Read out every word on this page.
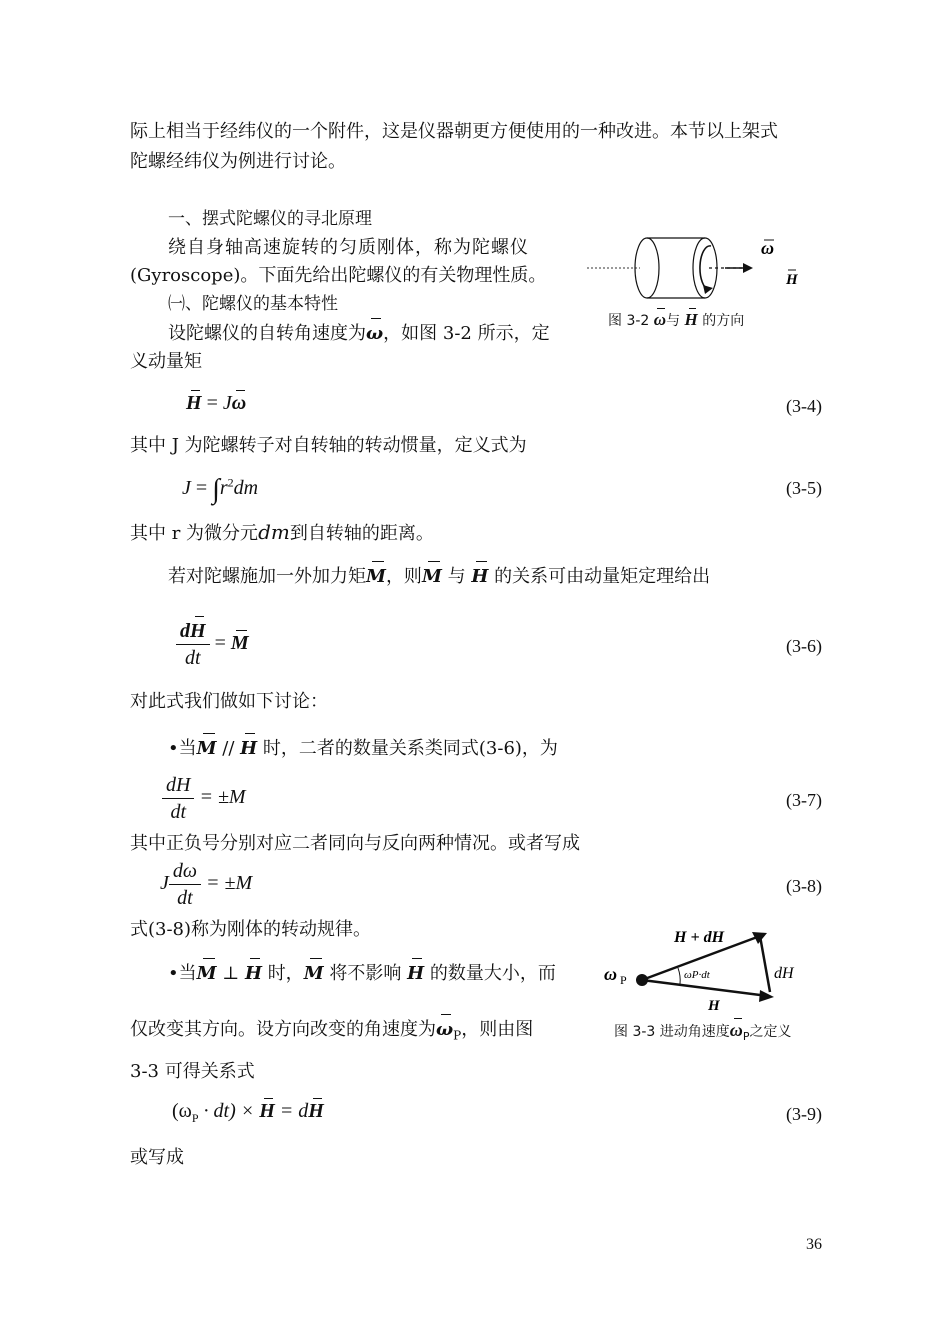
际上相当于经纬仪的一个附件，这是仪器朝更方便使用的一种改进。本节以上架式
陀螺经纬仪为例进行讨论。
一、摆式陀螺仪的寻北原理
绕自身轴高速旋转的匀质刚体，称为陀螺仪
(Gyroscope)。下面先给出陀螺仪的有关物理性质。
㈠、陀螺仪的基本特性
设陀螺仪的自转角速度为ω，如图 3-2 所示，定
义动量矩
ω
H
图 3-2 ω与 H 的方向
H = Jω	(3-4)
其中 J 为陀螺转子对自转轴的转动惯量，定义式为
$J = \int r^2dm$	(3-5)
其中 r 为微分元dm到自转轴的距离。
若对陀螺施加一外加力矩M，则M 与 H 的关系可由动量矩定理给出
$\frac{dH}{dt} = M$	(3-6)
对此式我们做如下讨论：
•当M // H 时，二者的数量关系类同式(3-6)，为
$\frac{dH}{dt} = \pm M$	(3-7)
其中正负号分别对应二者同向与反向两种情况。或者写成
J $\frac{d\omega}{dt} = \pm M$	(3-8)
式(3-8)称为刚体的转动规律。
•当M ⊥ H 时，M 将不影响 H 的数量大小，而
仅改变其方向。设方向改变的角速度为$\omega_P$，则由图
3-3 可得关系式
H + dH
dH
H
ω P	ωP·dt
图 3-3 进动角速度$\omega_P$之定义
$(\omega_P \cdot dt) \times H$ = dH	(3-9)
或写成
36
